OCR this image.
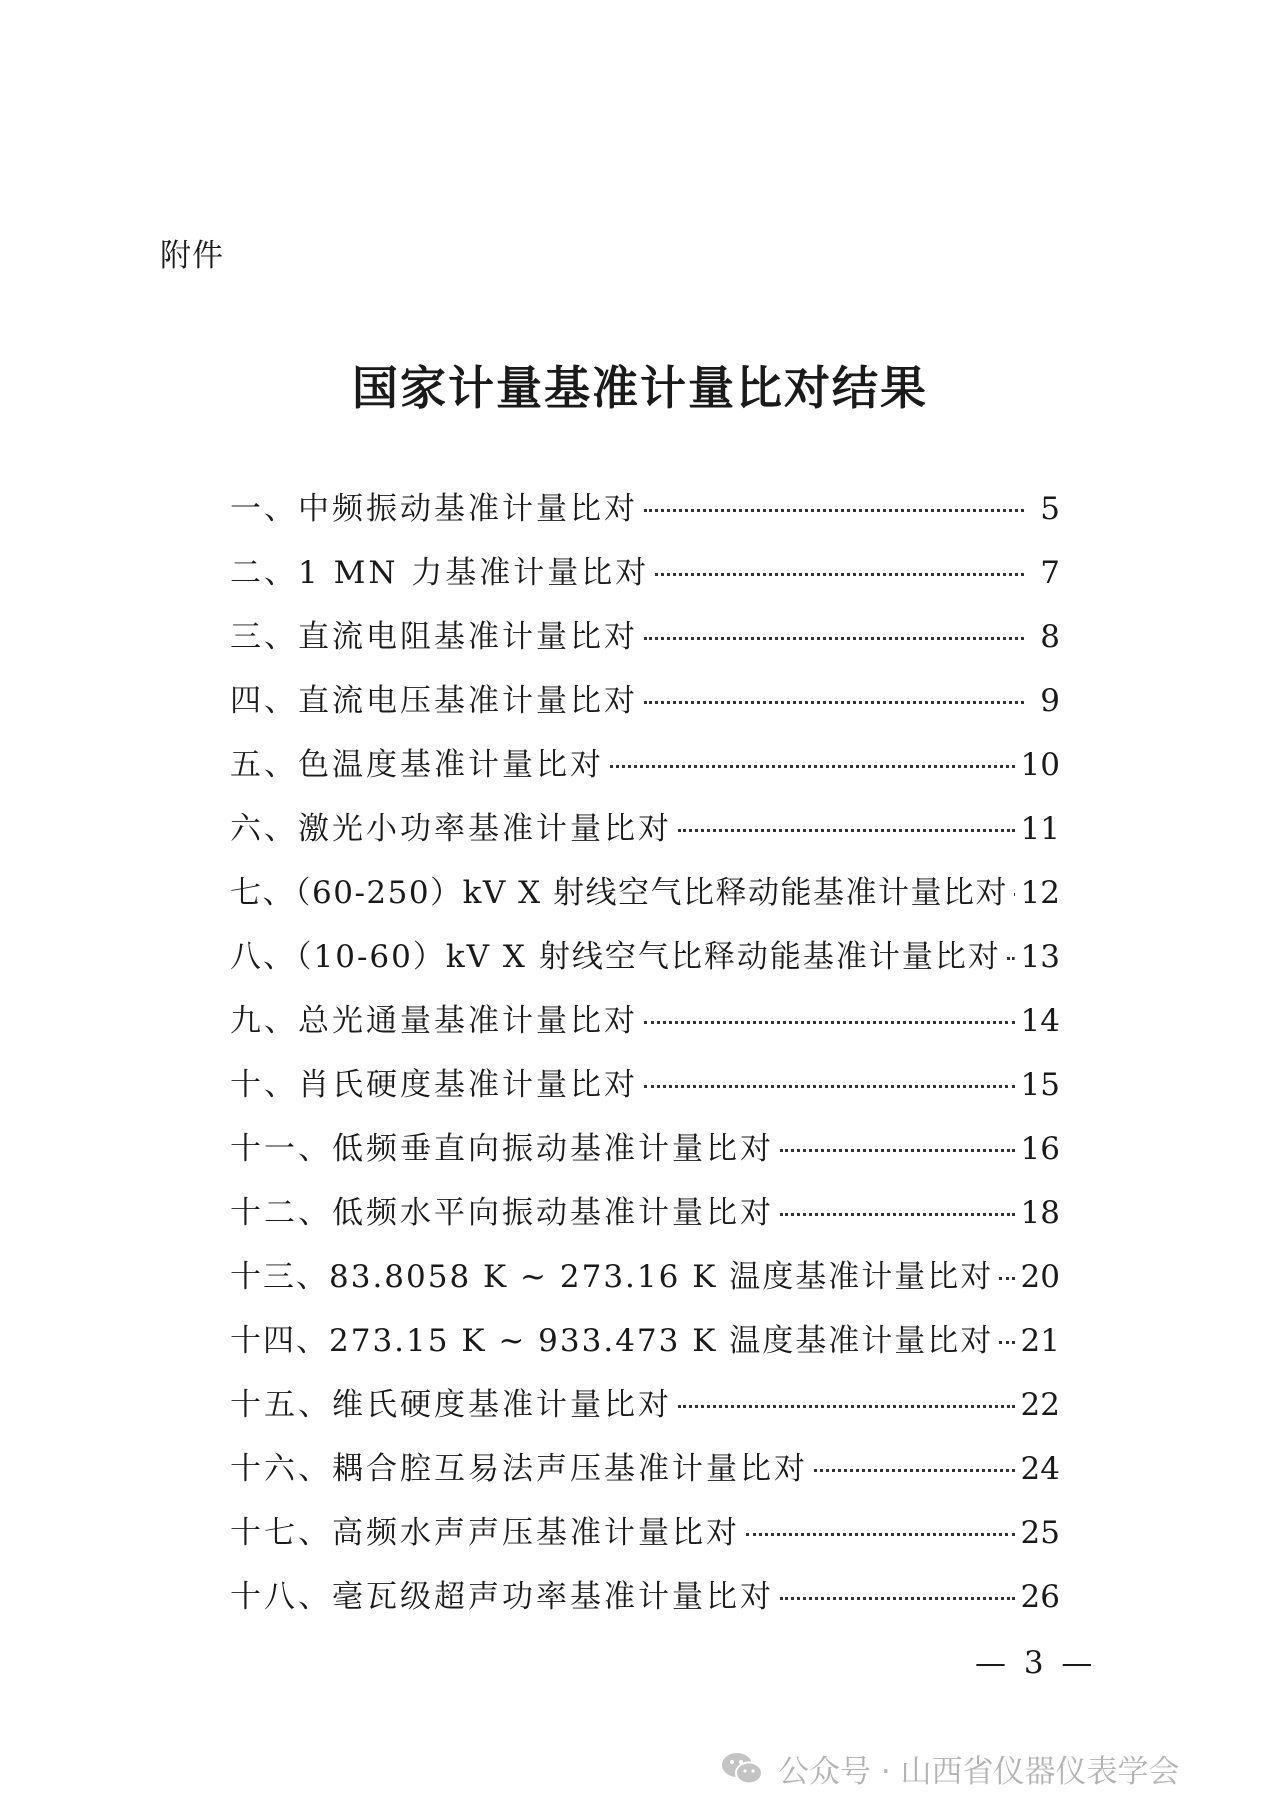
附件
国家计量基准计量比对结果
一、中频振动基准计量比对	5
二、1 MN 力基准计量比对	7
三、直流电阻基准计量比对	8
四、直流电压基准计量比对	9
五、色温度基准计量比对	10
六、激光小功率基准计量比对	11
七、（60-250）kV X 射线空气比释动能基准计量比对 12
八、（10-60）kV X 射线空气比释动能基准计量比对 13
九、总光通量基准计量比对	14
十、肖氏硬度基准计量比对	15
十一、低频垂直向振动基准计量比对	16
十二、低频水平向振动基准计量比对	18
十三、83.8058 K ~ 273.16 K 温度基准计量比对 20
十四、273.15 K ~ 933.473 K 温度基准计量比对 21
十五、维氏硬度基准计量比对	22
十六、耦合腔互易法声压基准计量比对	24
十七、高频水声声压基准计量比对	25
十八、毫瓦级超声功率基准计量比对	26
— 3 —
公众号 · 山西省仪器仪表学会
